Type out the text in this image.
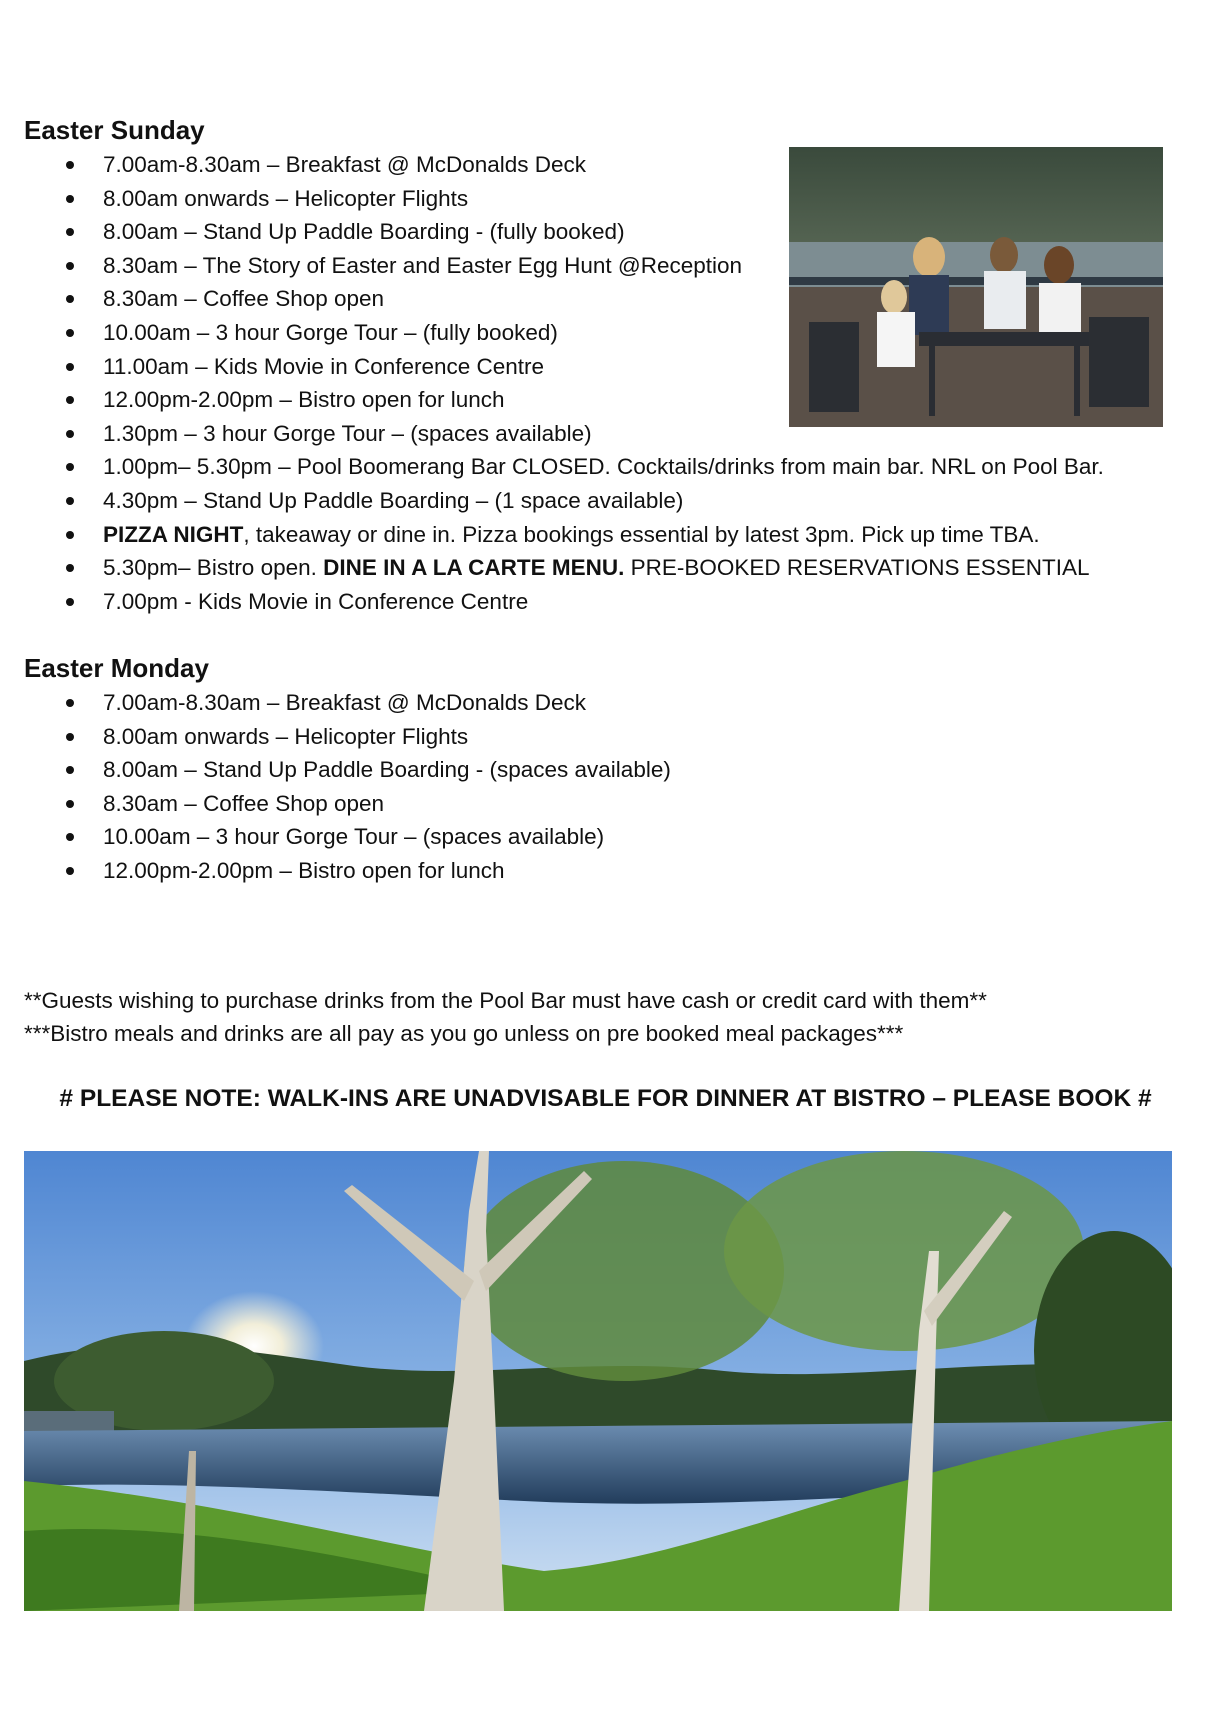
Easter Sunday
7.00am-8.30am – Breakfast @ McDonalds Deck
8.00am onwards – Helicopter Flights
8.00am – Stand Up Paddle Boarding - (fully booked)
8.30am – The Story of Easter and Easter Egg Hunt @Reception
8.30am – Coffee Shop open
10.00am – 3 hour Gorge Tour – (fully booked)
11.00am – Kids Movie in Conference Centre
12.00pm-2.00pm – Bistro open for lunch
1.30pm – 3 hour Gorge Tour – (spaces available)
1.00pm– 5.30pm – Pool Boomerang Bar CLOSED. Cocktails/drinks from main bar. NRL on Pool Bar.
4.30pm – Stand Up Paddle Boarding – (1 space available)
PIZZA NIGHT, takeaway or dine in. Pizza bookings essential by latest 3pm. Pick up time TBA.
5.30pm– Bistro open. DINE IN A LA CARTE MENU. PRE-BOOKED RESERVATIONS ESSENTIAL
7.00pm - Kids Movie in Conference Centre
Easter Monday
7.00am-8.30am – Breakfast @ McDonalds Deck
8.00am onwards – Helicopter Flights
8.00am – Stand Up Paddle Boarding - (spaces available)
8.30am – Coffee Shop open
10.00am – 3 hour Gorge Tour – (spaces available)
12.00pm-2.00pm – Bistro open for lunch

**Guests wishing to purchase drinks from the Pool Bar must have cash or credit card with them**

***Bistro meals and drinks are all pay as you go unless on pre booked meal packages***

# PLEASE NOTE: WALK-INS ARE UNADVISABLE FOR DINNER AT BISTRO – PLEASE BOOK #
